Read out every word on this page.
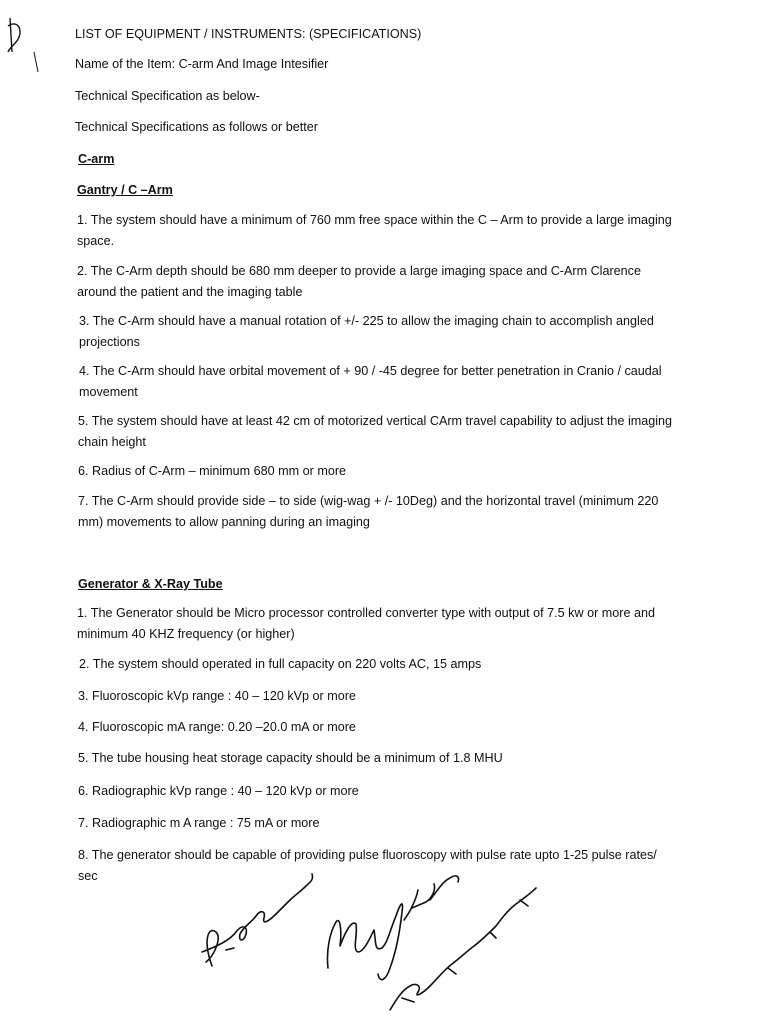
LIST OF EQUIPMENT / INSTRUMENTS: (SPECIFICATIONS)
Name of the Item: C-arm And Image Intesifier
Technical Specification as below-
Technical Specifications as follows or better
C-arm
Gantry / C –Arm
1. The system should have a minimum of 760 mm free space within the C – Arm to provide a large imaging space.
2. The C-Arm depth should be 680 mm deeper to provide a large imaging space and C-Arm Clarence around the patient and the imaging table
3. The C-Arm should have a manual rotation of +/- 225 to allow the imaging chain to accomplish angled projections
4. The C-Arm should have orbital movement of + 90 / -45 degree for better penetration in Cranio / caudal movement
5. The system should have at least 42 cm of motorized vertical CArm travel capability to adjust the imaging chain height
6. Radius of C-Arm – minimum 680 mm or more
7. The C-Arm should provide side – to side (wig-wag + /- 10Deg) and the horizontal travel (minimum 220 mm) movements to allow panning during an imaging
Generator & X-Ray Tube
1. The Generator should be Micro processor controlled converter type with output of 7.5 kw or more and minimum 40 KHZ frequency (or higher)
2. The system should operated in full capacity on 220 volts AC, 15 amps
3. Fluoroscopic kVp range : 40 – 120 kVp or more
4. Fluoroscopic mA range: 0.20 –20.0 mA or more
5. The tube housing heat storage capacity should be a minimum of 1.8 MHU
6. Radiographic kVp range : 40 – 120 kVp or more
7. Radiographic m A range : 75 mA or more
8. The generator should be capable of providing pulse fluoroscopy with pulse rate upto 1-25 pulse rates/ sec
